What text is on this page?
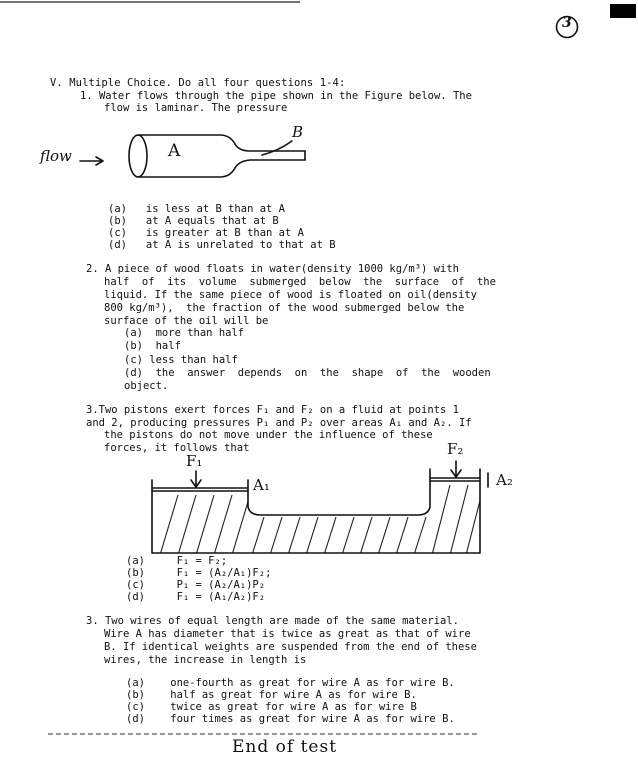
3
V. Multiple Choice. Do all four questions 1-4:
1. Water flows through the pipe shown in the Figure below. The
flow is laminar. The pressure
flow	A
B
(a)   is less at B than at A
(b)   at A equals that at B
(c)   is greater at B than at A
(d)   at A is unrelated to that at B
2. A piece of wood floats in water(density 1000 kg/m³) with
half  of  its  volume  submerged  below  the  surface  of  the
liquid. If the same piece of wood is floated on oil(density
800 kg/m³),  the fraction of the wood submerged below the
surface of the oil will be
(a)  more than half
(b)  half
(c) less than half
(d)  the  answer  depends  on  the  shape  of  the  wooden
object.
3.Two pistons exert forces F₁ and F₂ on a fluid at points 1
and 2, producing pressures P₁ and P₂ over areas A₁ and A₂. If
the pistons do not move under the influence of these
forces, it follows that
F₁
F₂
A₁	A₂
(a)     F₁ = F₂;
(b)     F₁ = (A₂/A₁)F₂;
(c)     P₁ = (A₂/A₁)P₂
(d)     F₁ = (A₁/A₂)F₂
3. Two wires of equal length are made of the same material.
Wire A has diameter that is twice as great as that of wire
B. If identical weights are suspended from the end of these
wires, the increase in length is
(a)    one-fourth as great for wire A as for wire B.
(b)    half as great for wire A as for wire B.
(c)    twice as great for wire A as for wire B
(d)    four times as great for wire A as for wire B.
End of test
